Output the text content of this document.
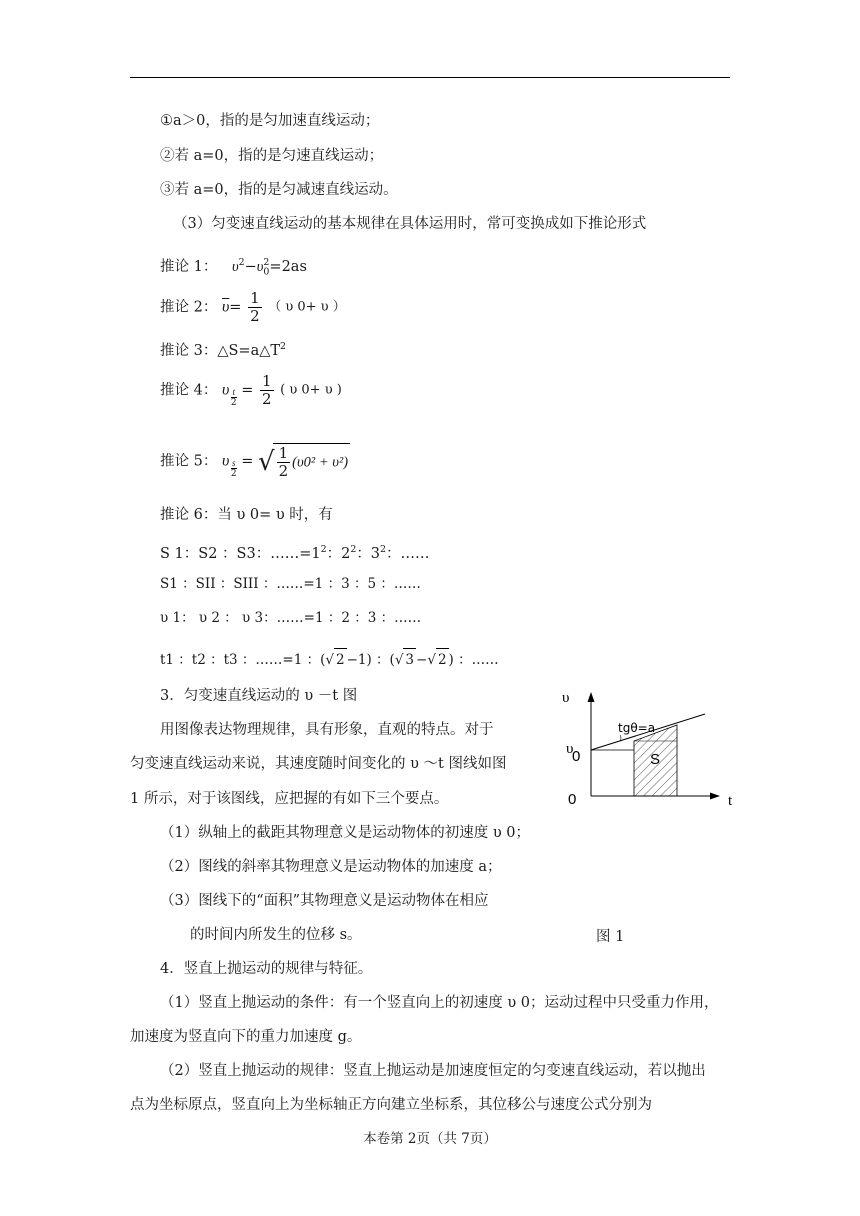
①a＞0，指的是匀加速直线运动；
②若 a=0，指的是匀速直线运动；
③若 a=0，指的是匀减速直线运动。
（3）匀变速直线运动的基本规律在具体运用时，常可变换成如下推论形式
推论 1： $\upsilon^2-\upsilon_0^2=2as$
推论 2： $\overline{\upsilon}= \frac{1}{2}$ （ υ 0+ υ ）
推论 3：$\triangle S=a\triangle T^2$
推论 4： υ $\frac{t}{2} = \frac{1}{2}$ ( υ 0+ υ )
推论 5： υ $\frac{s}{2}$ = √ $\frac{1}{2} (\upsilon 0^2 + \upsilon^2)$
推论 6：当 υ 0= υ 时，有
S 1：S2 ：S3：$\dots\dots=1^2$：$2^2$：$3^2$：……
S1 ：SII ：SIII ：……=1 ：3 ：5 ：……
υ 1： υ 2 ： υ 3：……=1 ：2 ：3 ：……
t1 ：t2 ：t3 ：……=1 ：(√ 2 −1) ：(√ 3 −√ 2 ) ：……
3．匀变速直线运动的 υ －t 图
用图像表达物理规律，具有形象，直观的特点。对于
匀变速直线运动来说，其速度随时间变化的 υ ～t 图线如图
1 所示，对于该图线，应把握的有如下三个要点。
（1）纵轴上的截距其物理意义是运动物体的初速度 υ 0；
（2）图线的斜率其物理意义是运动物体的加速度 a；
（3）图线下的“面积”其物理意义是运动物体在相应
的时间内所发生的位移 s。
υ
t
0
υ
0
tgθ=a
S
图 1
4．竖直上抛运动的规律与特征。
（1）竖直上抛运动的条件：有一个竖直向上的初速度 υ 0；运动过程中只受重力作用，
加速度为竖直向下的重力加速度 g。
（2）竖直上抛运动的规律：竖直上抛运动是加速度恒定的匀变速直线运动，若以抛出
点为坐标原点，竖直向上为坐标轴正方向建立坐标系，其位移公与速度公式分别为
本卷第 2页（共 7页）
